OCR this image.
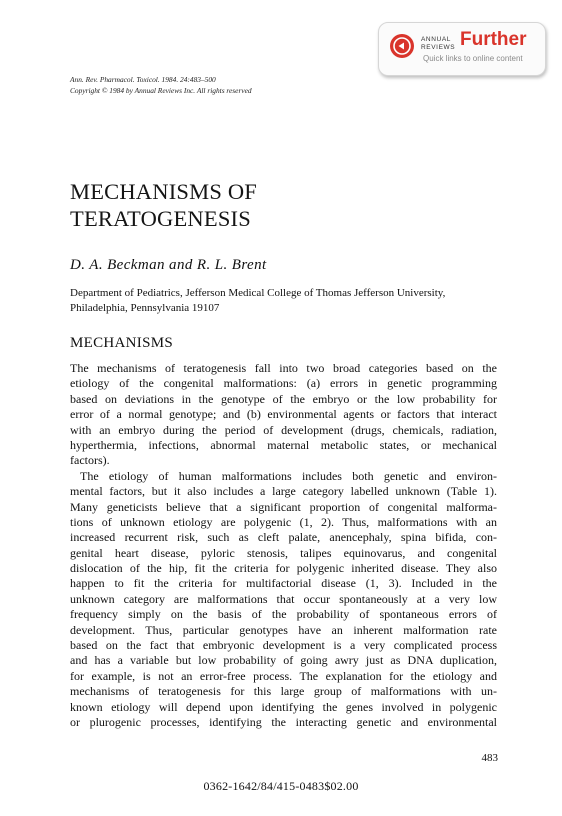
ANNUAL
REVIEWS Further
Quick links to online content
Ann. Rev. Pharmacol. Toxicol. 1984. 24:483–500
Copyright © 1984 by Annual Reviews Inc. All rights reserved
MECHANISMS OF
TERATOGENESIS
D. A. Beckman and R. L. Brent
Department of Pediatrics, Jefferson Medical College of Thomas Jefferson University,
Philadelphia, Pennsylvania 19107
MECHANISMS
The mechanisms of teratogenesis fall into two broad categories based on the
etiology of the congenital malformations: (a) errors in genetic programming
based on deviations in the genotype of the embryo or the low probability for
error of a normal genotype; and (b) environmental agents or factors that interact
with an embryo during the period of development (drugs, chemicals, radiation,
hyperthermia, infections, abnormal maternal metabolic states, or mechanical
factors).
The etiology of human malformations includes both genetic and environ-
mental factors, but it also includes a large category labelled unknown (Table 1).
Many geneticists believe that a significant proportion of congenital malforma-
tions of unknown etiology are polygenic (1, 2). Thus, malformations with an
increased recurrent risk, such as cleft palate, anencephaly, spina bifida, con-
genital heart disease, pyloric stenosis, talipes equinovarus, and congenital
dislocation of the hip, fit the criteria for polygenic inherited disease. They also
happen to fit the criteria for multifactorial disease (1, 3). Included in the
unknown category are malformations that occur spontaneously at a very low
frequency simply on the basis of the probability of spontaneous errors of
development. Thus, particular genotypes have an inherent malformation rate
based on the fact that embryonic development is a very complicated process
and has a variable but low probability of going awry just as DNA duplication,
for example, is not an error-free process. The explanation for the etiology and
mechanisms of teratogenesis for this large group of malformations with un-
known etiology will depend upon identifying the genes involved in polygenic
or plurogenic processes, identifying the interacting genetic and environmental
483
0362-1642/84/415-0483$02.00
